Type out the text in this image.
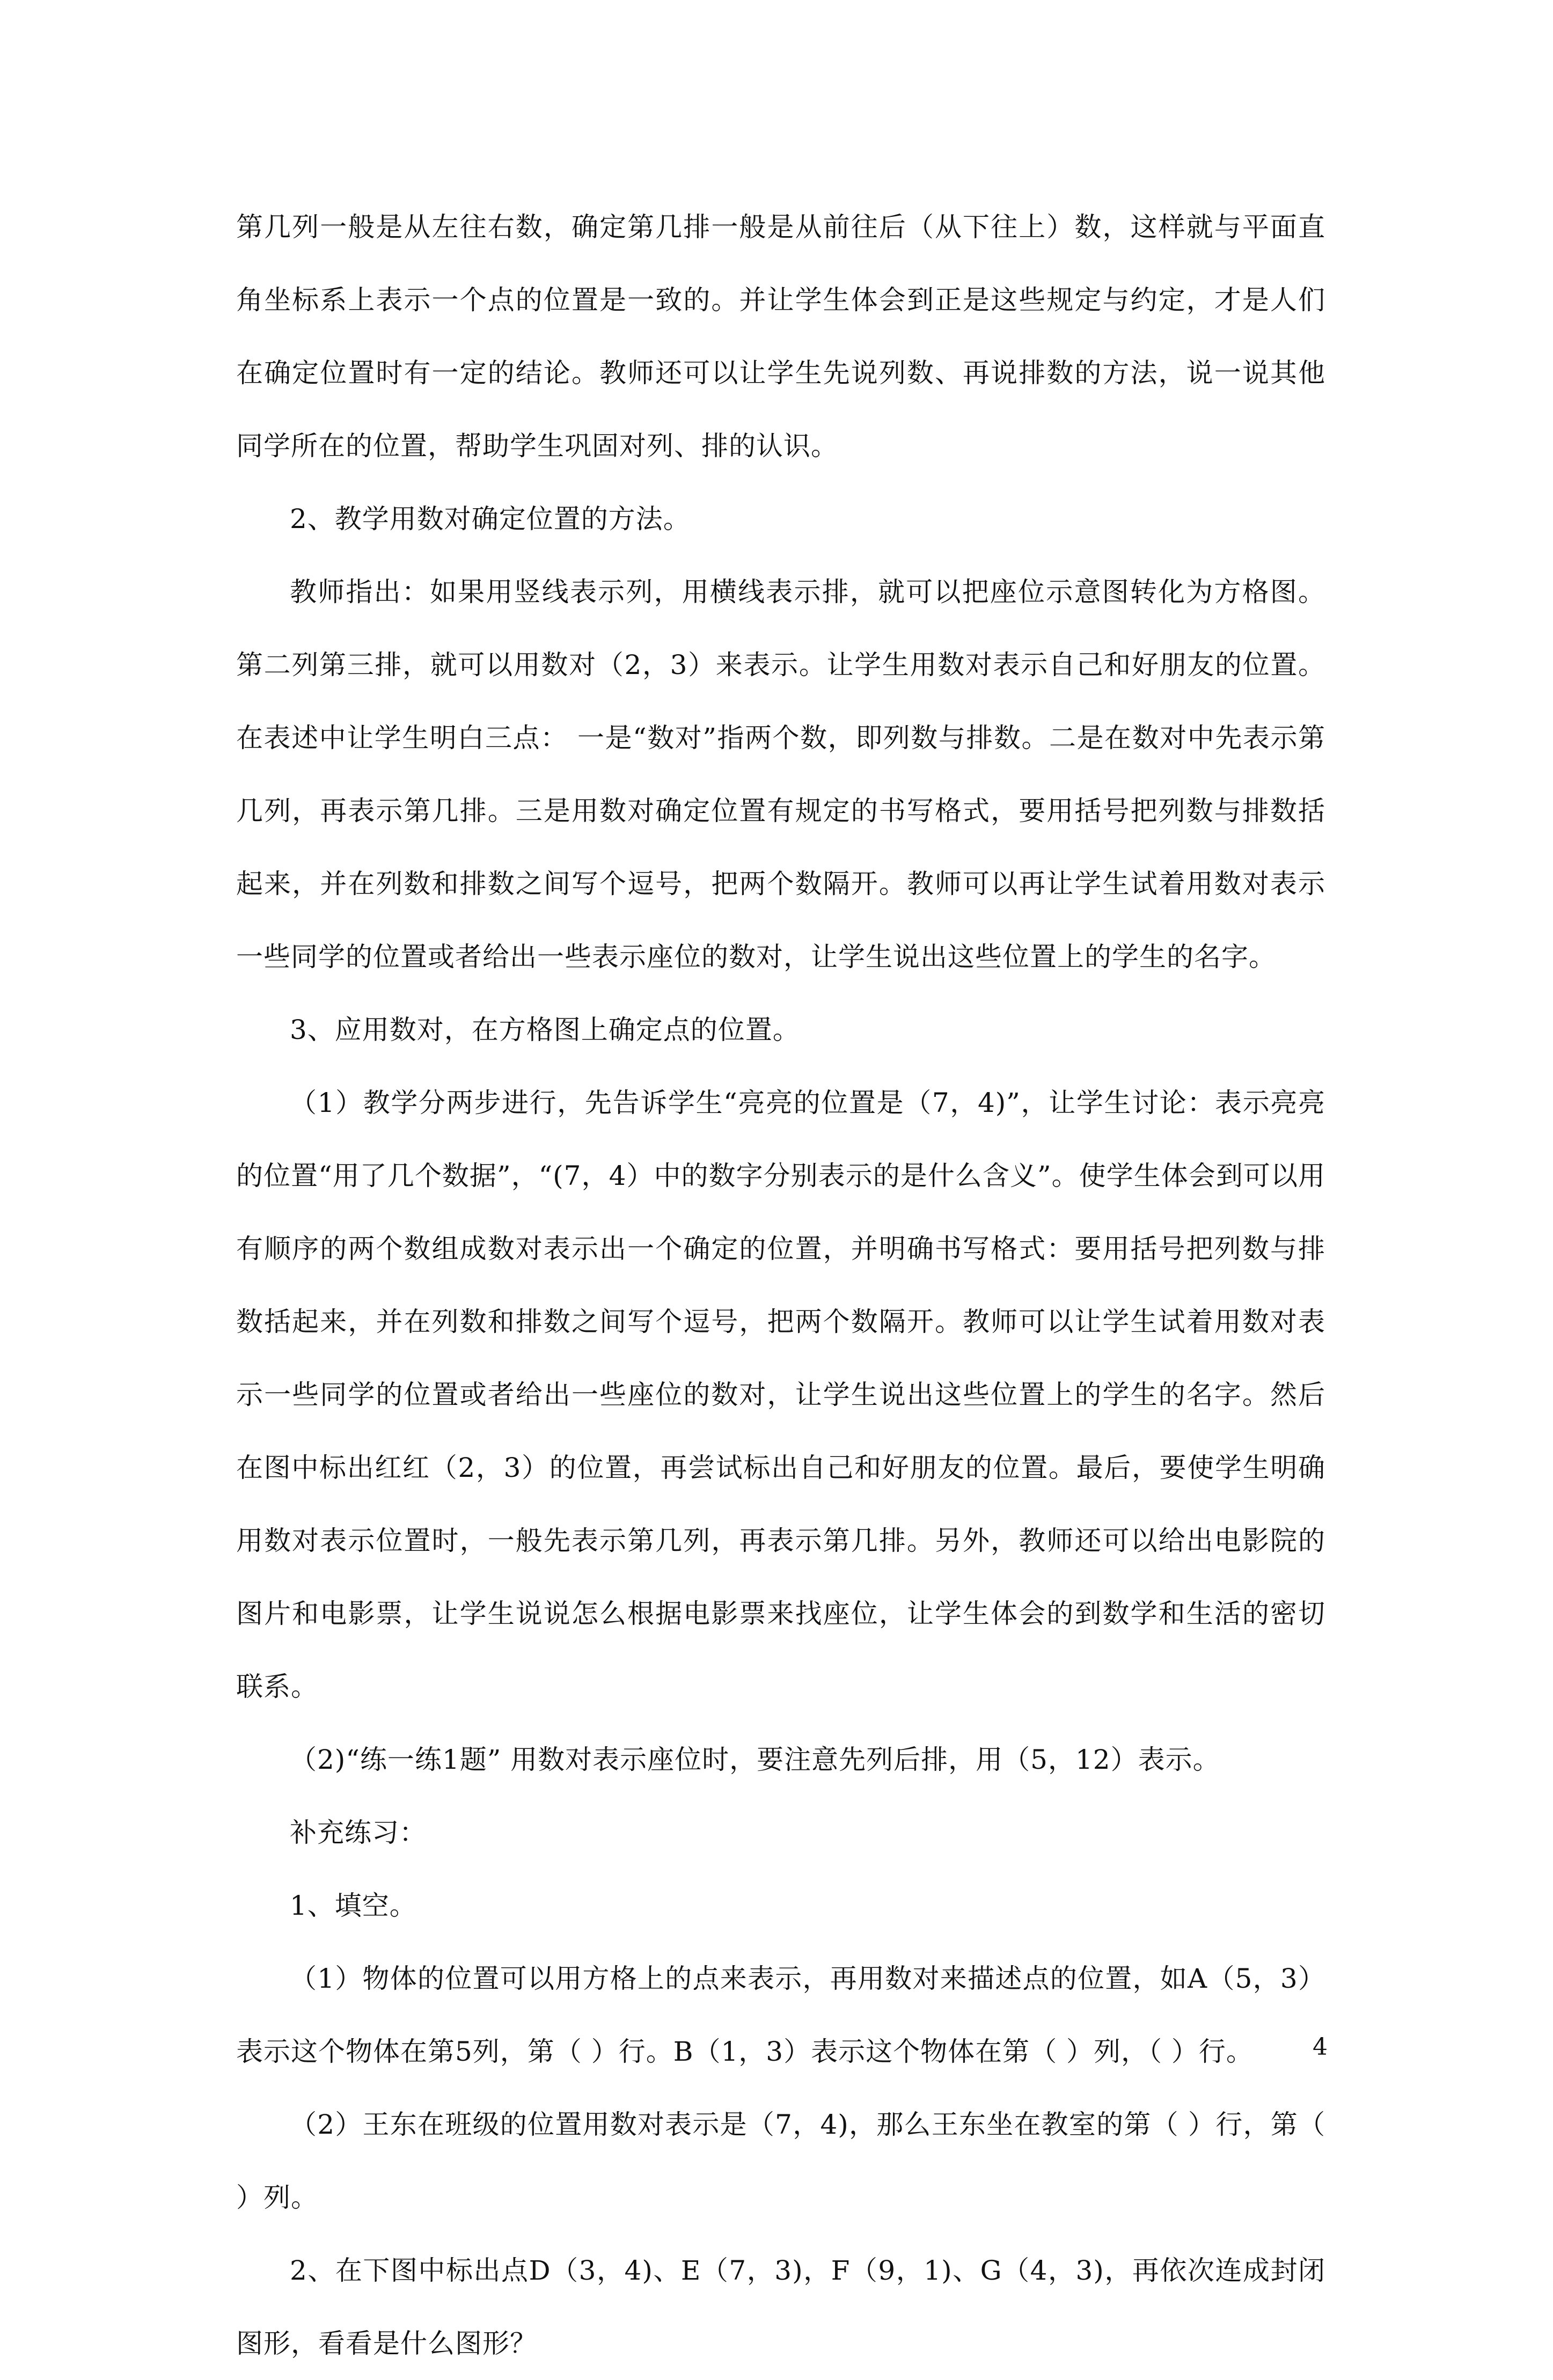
第几列一般是从左往右数，确定第几排一般是从前往后（从下往上）数，这样就与平面直角坐标系上表示一个点的位置是一致的。并让学生体会到正是这些规定与约定，才是人们在确定位置时有一定的结论。教师还可以让学生先说列数、再说排数的方法，说一说其他同学所在的位置，帮助学生巩固对列、排的认识。

2、教学用数对确定位置的方法。

教师指出：如果用竖线表示列，用横线表示排，就可以把座位示意图转化为方格图。第二列第三排，就可以用数对（2，3）来表示。让学生用数对表示自己和好朋友的位置。在表述中让学生明白三点： 一是“数对”指两个数，即列数与排数。二是在数对中先表示第几列，再表示第几排。三是用数对确定位置有规定的书写格式，要用括号把列数与排数括起来，并在列数和排数之间写个逗号，把两个数隔开。教师可以再让学生试着用数对表示一些同学的位置或者给出一些表示座位的数对，让学生说出这些位置上的学生的名字。

3、应用数对，在方格图上确定点的位置。

（1）教学分两步进行，先告诉学生“亮亮的位置是（7，4)”，让学生讨论：表示亮亮的位置“用了几个数据”，“(7，4）中的数字分别表示的是什么含义”。使学生体会到可以用有顺序的两个数组成数对表示出一个确定的位置，并明确书写格式：要用括号把列数与排数括起来，并在列数和排数之间写个逗号，把两个数隔开。教师可以让学生试着用数对表示一些同学的位置或者给出一些座位的数对，让学生说出这些位置上的学生的名字。然后在图中标出红红（2，3）的位置，再尝试标出自己和好朋友的位置。最后，要使学生明确用数对表示位置时，一般先表示第几列，再表示第几排。另外，教师还可以给出电影院的图片和电影票，让学生说说怎么根据电影票来找座位，让学生体会的到数学和生活的密切联系。

（2)“练一练1题” 用数对表示座位时，要注意先列后排，用（5，12）表示。

补充练习：

1、填空。

（1）物体的位置可以用方格上的点来表示，再用数对来描述点的位置，如A（5，3）表示这个物体在第5列，第（ ）行。B（1，3）表示这个物体在第（ ）列，（ ）行。

（2）王东在班级的位置用数对表示是（7，4)，那么王东坐在教室的第（ ）行，第（ ）列。

2、在下图中标出点D（3，4)、E（7，3)，F（9，1)、G（4，3)，再依次连成封闭图形，看看是什么图形？

4
